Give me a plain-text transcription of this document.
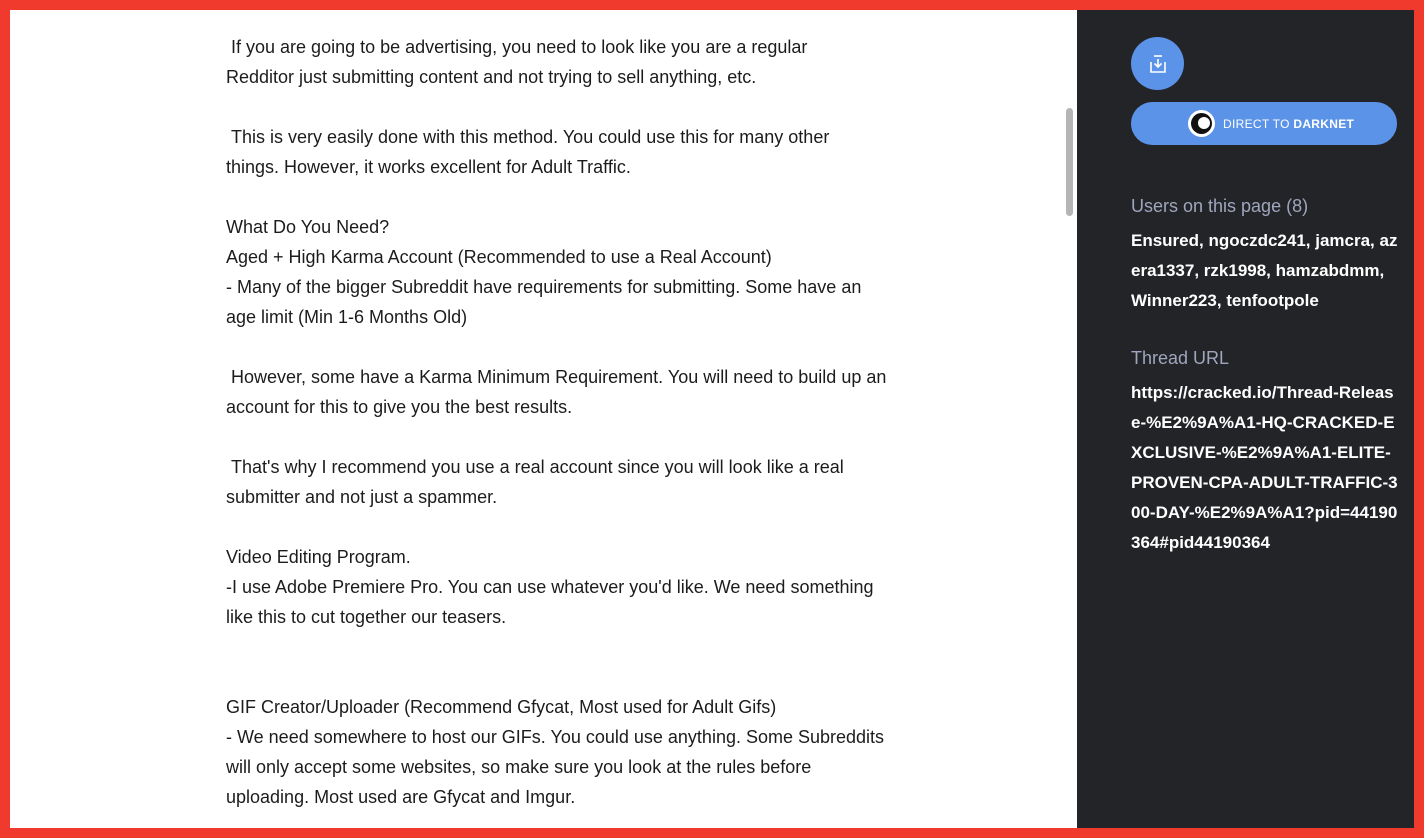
If you are going to be advertising, you need to look like you are a regular
Redditor just submitting content and not trying to sell anything, etc.

This is very easily done with this method. You could use this for many other
things. However, it works excellent for Adult Traffic.

What Do You Need?
Aged + High Karma Account (Recommended to use a Real Account)
- Many of the bigger Subreddit have requirements for submitting. Some have an
age limit (Min 1-6 Months Old)

However, some have a Karma Minimum Requirement. You will need to build up an
account for this to give you the best results.

That's why I recommend you use a real account since you will look like a real
submitter and not just a spammer.

Video Editing Program.
-I use Adobe Premiere Pro. You can use whatever you'd like. We need something
like this to cut together our teasers.

GIF Creator/Uploader (Recommend Gfycat, Most used for Adult Gifs)
- We need somewhere to host our GIFs. You could use anything. Some Subreddits
will only accept some websites, so make sure you look at the rules before
uploading. Most used are Gfycat and Imgur.

DIRECT TO DARKNET
Users on this page (8)
Ensured, ngoczdc241, jamcra, azera1337, rzk1998, hamzabdmm, Winner223, tenfootpole
Thread URL
https://cracked.io/Thread-Release-%E2%9A%A1-HQ-CRACKED-EXCLUSIVE-%E2%9A%A1-ELITE-PROVEN-CPA-ADULT-TRAFFIC-300-DAY-%E2%9A%A1?pid=44190364#pid44190364
